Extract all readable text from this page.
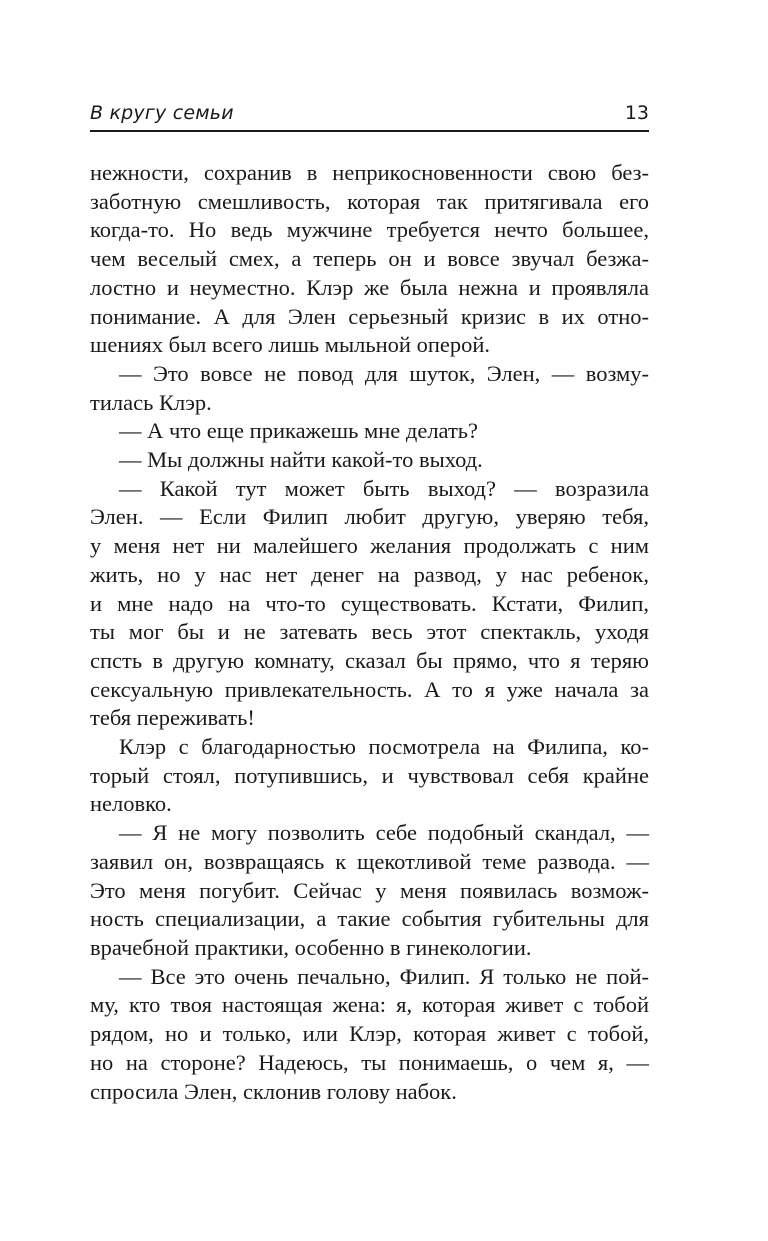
В кругу семьи	13

нежности, сохранив в неприкосновенности свою без-
заботную смешливость, которая так притягивала его
когда-то. Но ведь мужчине требуется нечто большее,
чем веселый смех, а теперь он и вовсе звучал безжа-
лостно и неуместно. Клэр же была нежна и проявляла
понимание. А для Элен серьезный кризис в их отно-
шениях был всего лишь мыльной оперой.

— Это вовсе не повод для шуток, Элен, — возму-
тилась Клэр.

— А что еще прикажешь мне делать?

— Мы должны найти какой-то выход.

— Какой тут может быть выход? — возразила
Элен. — Если Филип любит другую, уверяю тебя,
у меня нет ни малейшего желания продолжать с ним
жить, но у нас нет денег на развод, у нас ребенок,
и мне надо на что-то существовать. Кстати, Филип,
ты мог бы и не затевать весь этот спектакль, уходя
спсть в другую комнату, сказал бы прямо, что я теряю
сексуальную привлекательность. А то я уже начала за
тебя переживать!

Клэр с благодарностью посмотрела на Филипа, ко-
торый стоял, потупившись, и чувствовал себя крайне
неловко.

— Я не могу позволить себе подобный скандал, —
заявил он, возвращаясь к щекотливой теме развода. —
Это меня погубит. Сейчас у меня появилась возмож-
ность специализации, а такие события губительны для
врачебной практики, особенно в гинекологии.

— Все это очень печально, Филип. Я только не пой-
му, кто твоя настоящая жена: я, которая живет с тобой
рядом, но и только, или Клэр, которая живет с тобой,
но на стороне? Надеюсь, ты понимаешь, о чем я, —
спросила Элен, склонив голову набок.
